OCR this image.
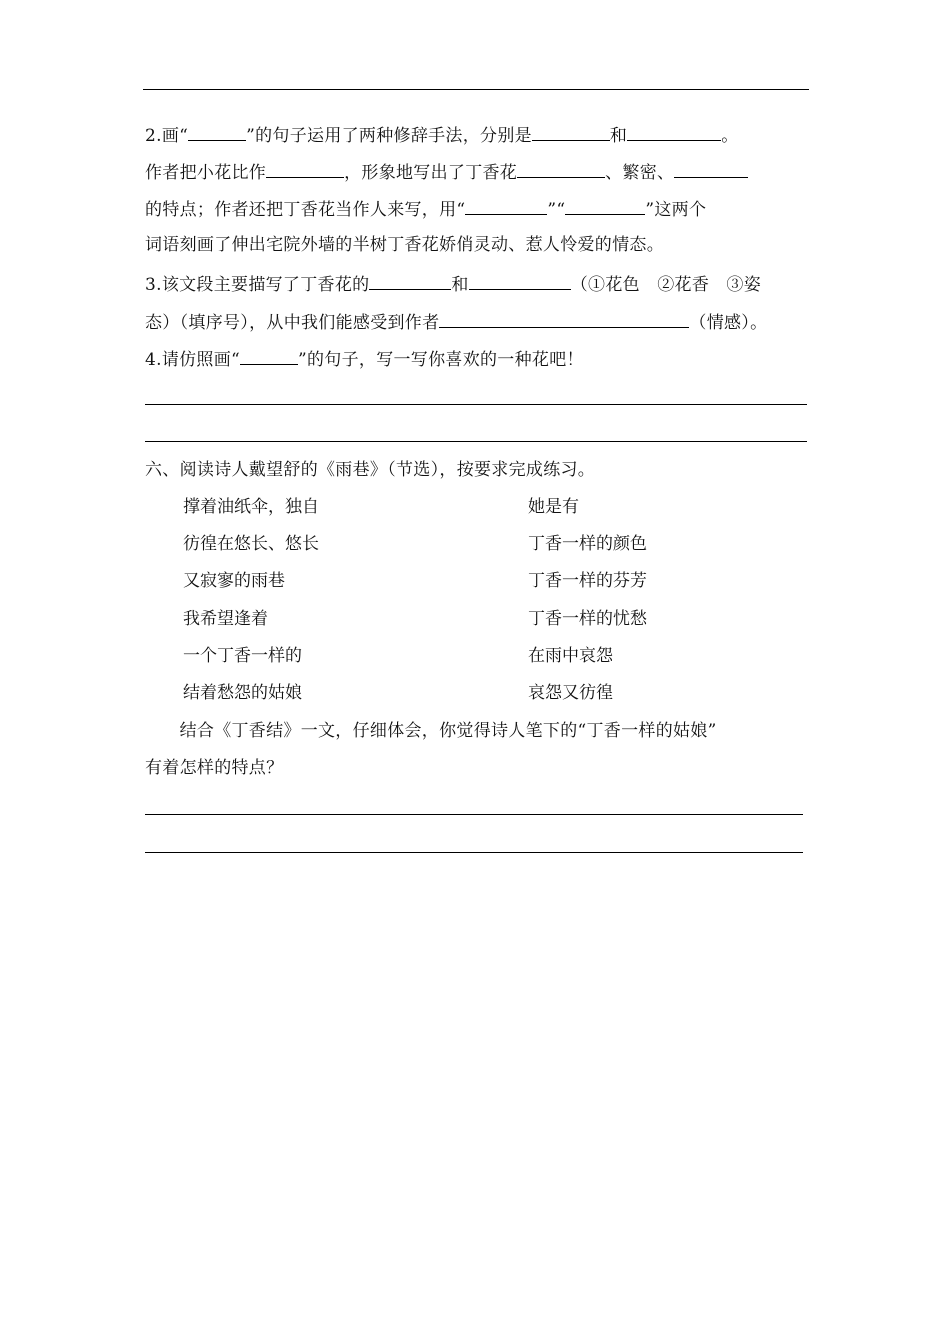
2.画“	”的句子运用了两种修辞手法，分别是	和	。
作者把小花比作	，形象地写出了丁香花	、繁密、
的特点；作者还把丁香花当作人来写，用“	”“	”这两个
词语刻画了伸出宅院外墙的半树丁香花娇俏灵动、惹人怜爱的情态。
3.该文段主要描写了丁香花的	和	（①花色　②花香　③姿
态）（填序号），从中我们能感受到作者	（情感）。
4.请仿照画“	”的句子，写一写你喜欢的一种花吧！
六、阅读诗人戴望舒的《雨巷》（节选），按要求完成练习。
撑着油纸伞，独自
彷徨在悠长、悠长
又寂寥的雨巷
我希望逢着
一个丁香一样的
结着愁怨的姑娘
她是有
丁香一样的颜色
丁香一样的芬芳
丁香一样的忧愁
在雨中哀怨
哀怨又彷徨
　　结合《丁香结》一文，仔细体会，你觉得诗人笔下的“丁香一样的姑娘”
有着怎样的特点？
